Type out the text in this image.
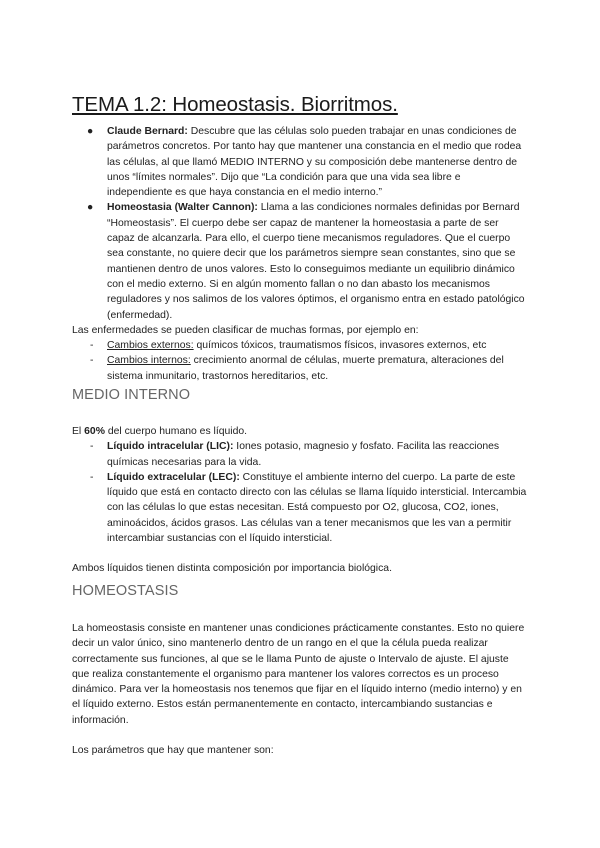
TEMA 1.2: Homeostasis. Biorritmos.
● Claude Bernard: Descubre que las células solo pueden trabajar en unas condiciones de parámetros concretos. Por tanto hay que mantener una constancia en el medio que rodea las células, al que llamó MEDIO INTERNO y su composición debe mantenerse dentro de unos “límites normales”. Dijo que “La condición para que una vida sea libre e independiente es que haya constancia en el medio interno.”
● Homeostasia (Walter Cannon): Llama a las condiciones normales definidas por Bernard “Homeostasis”. El cuerpo debe ser capaz de mantener la homeostasia a parte de ser capaz de alcanzarla. Para ello, el cuerpo tiene mecanismos reguladores. Que el cuerpo sea constante, no quiere decir que los parámetros siempre sean constantes, sino que se mantienen dentro de unos valores. Esto lo conseguimos mediante un equilibrio dinámico con el medio externo. Si en algún momento fallan o no dan abasto los mecanismos reguladores y nos salimos de los valores óptimos, el organismo entra en estado patológico (enfermedad).

Las enfermedades se pueden clasificar de muchas formas, por ejemplo en:

- Cambios externos: químicos tóxicos, traumatismos físicos, invasores externos, etc
- Cambios internos: crecimiento anormal de células, muerte prematura, alteraciones del sistema inmunitario, trastornos hereditarios, etc.
MEDIO INTERNO

El 60% del cuerpo humano es líquido.

- Líquido intracelular (LIC): Iones potasio, magnesio y fosfato. Facilita las reacciones químicas necesarias para la vida.
- Líquido extracelular (LEC): Constituye el ambiente interno del cuerpo. La parte de este líquido que está en contacto directo con las células se llama líquido intersticial. Intercambia con las células lo que estas necesitan. Está compuesto por O2, glucosa, CO2, iones, aminoácidos, ácidos grasos. Las células van a tener mecanismos que les van a permitir intercambiar sustancias con el líquido intersticial.

Ambos líquidos tienen distinta composición por importancia biológica.

HOMEOSTASIS

La homeostasis consiste en mantener unas condiciones prácticamente constantes. Esto no quiere decir un valor único, sino mantenerlo dentro de un rango en el que la célula pueda realizar correctamente sus funciones, al que se le llama Punto de ajuste o Intervalo de ajuste. El ajuste que realiza constantemente el organismo para mantener los valores correctos es un proceso dinámico. Para ver la homeostasis nos tenemos que fijar en el líquido interno (medio interno) y en el líquido externo. Estos están permanentemente en contacto, intercambiando sustancias e información.

Los parámetros que hay que mantener son:
